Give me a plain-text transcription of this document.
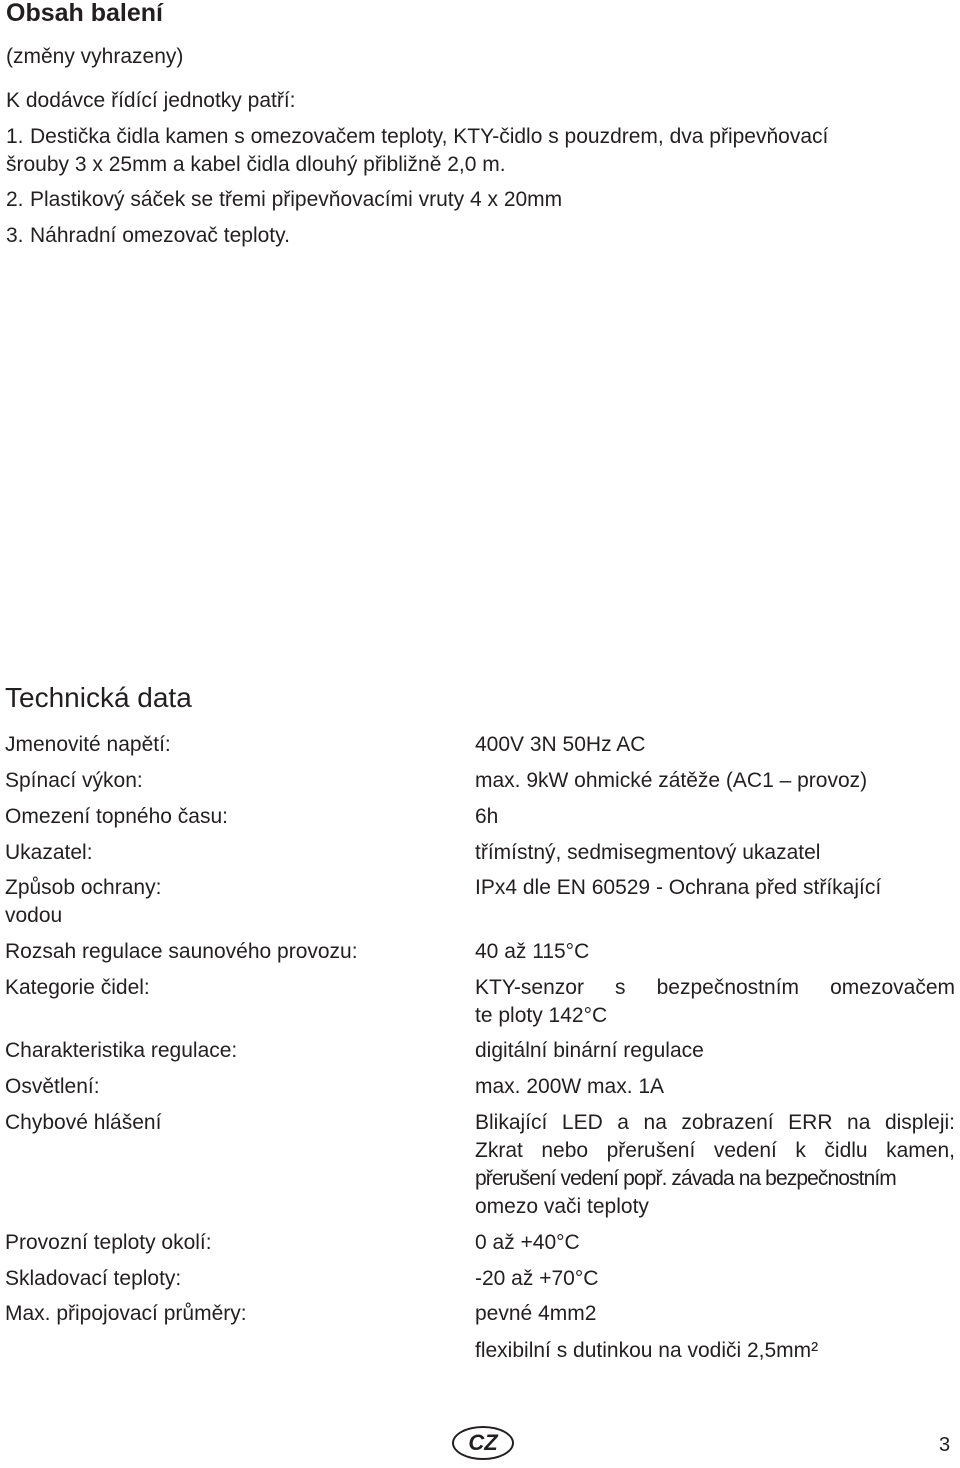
Obsah balení
(změny vyhrazeny)
K dodávce řídící jednotky patří:
1. Destička čidla kamen s omezovačem teploty, KTY-čidlo s pouzdrem, dva připevňovací
šrouby 3 x 25mm a kabel čidla dlouhý přibližně 2,0 m.
2. Plastikový sáček se třemi připevňovacími vruty 4 x 20mm
3. Náhradní omezovač teploty.
Technická data
Jmenovité napětí:	400V 3N 50Hz AC
Spínací výkon:	max. 9kW ohmické zátěže (AC1 – provoz)
Omezení topného času:	6h
Ukazatel:	třímístný, sedmisegmentový ukazatel
Způsob ochrany:	IPx4 dle EN 60529 - Ochrana před stříkající
vodou
Rozsah regulace saunového provozu:	40 až 115°C
Kategorie čidel:	KTY-senzor s bezpečnostním omezovačem
te ploty 142°C
Charakteristika regulace:	digitální binární regulace
Osvětlení:	max. 200W max. 1A
Chybové hlášení	Blikající LED a na zobrazení ERR na displeji:
Zkrat nebo přerušení vedení k čidlu kamen,
přerušení vedení popř. závada na bezpečnostním
omezo vači teploty
Provozní teploty okolí:	0 až +40°C
Skladovací teploty:	-20 až +70°C
Max. připojovací průměry:	pevné 4mm2
flexibilní s dutinkou na vodiči 2,5mm²
CZ	3
